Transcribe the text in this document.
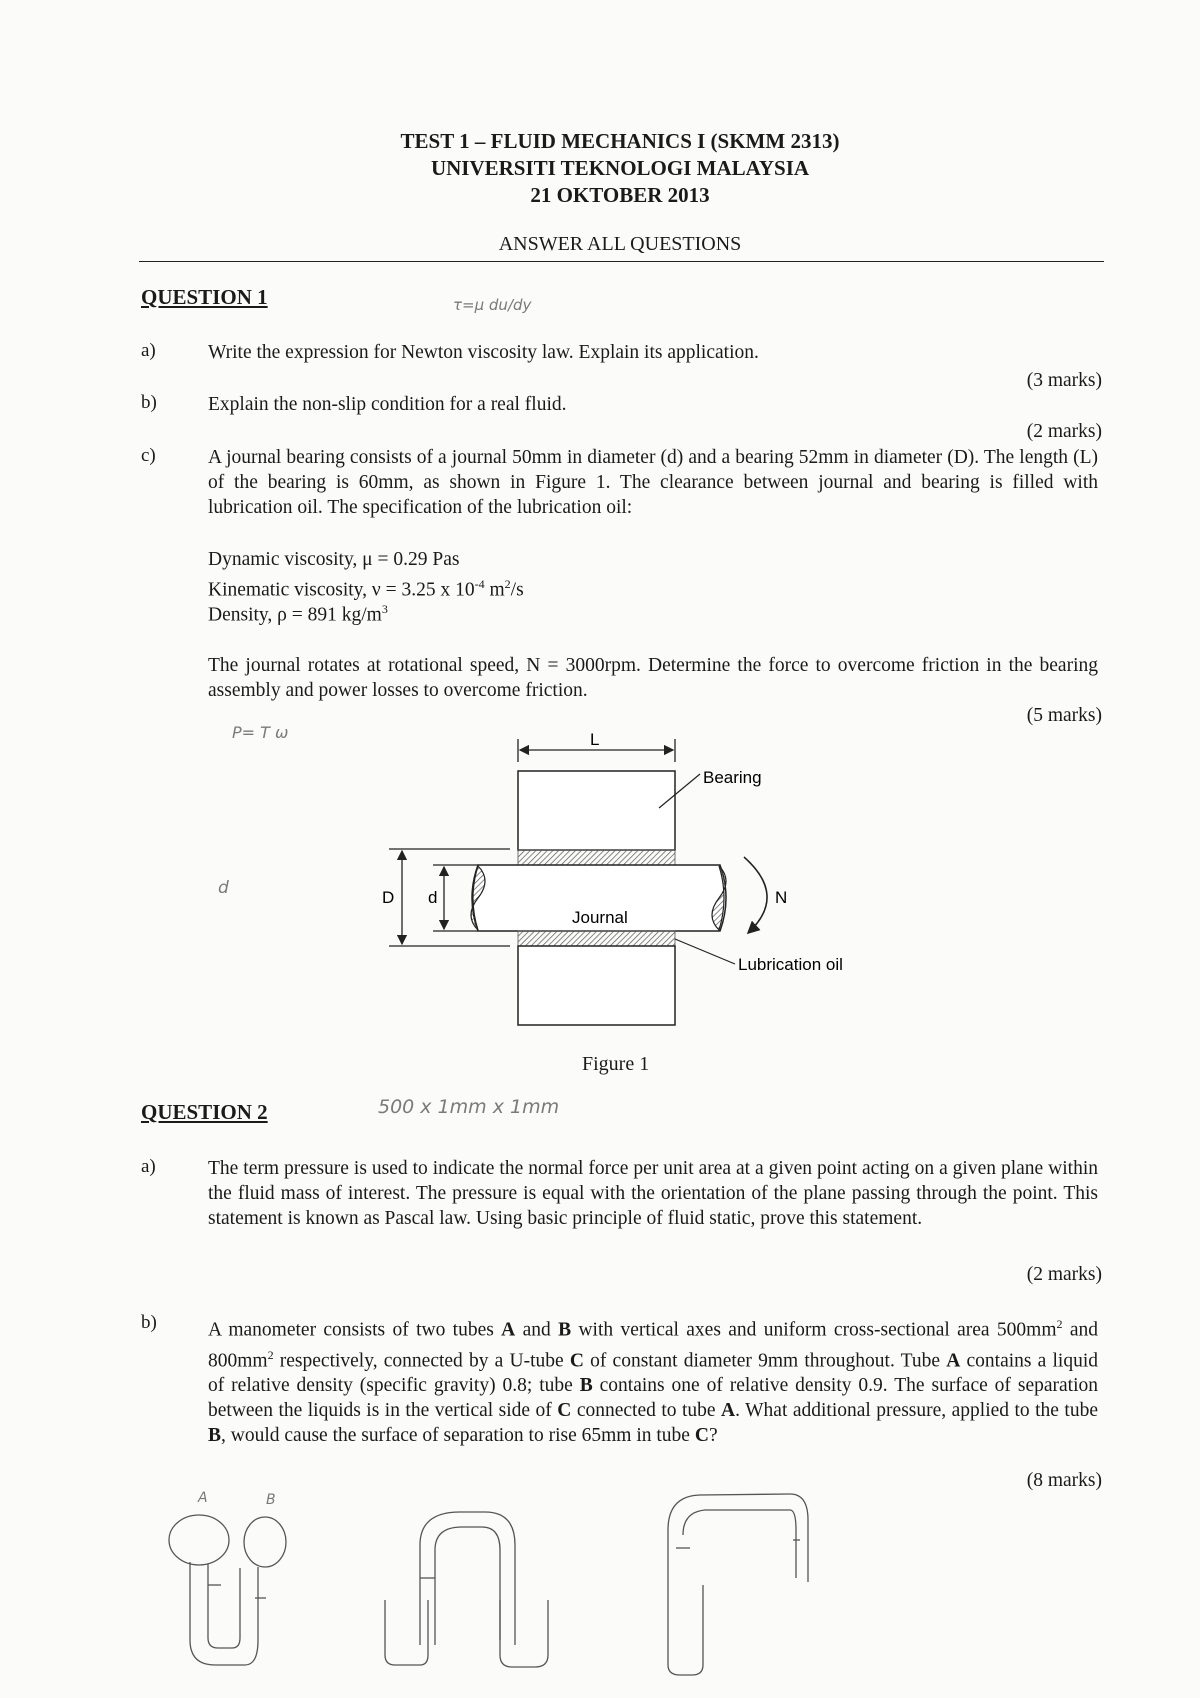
TEST 1 – FLUID MECHANICS I (SKMM 2313)
UNIVERSITI TEKNOLOGI MALAYSIA
21 OKTOBER 2013
ANSWER ALL QUESTIONS
QUESTION 1	τ=μ du/dy
a)	Write the expression for Newton viscosity law. Explain its application.
(3 marks)
b)	Explain the non-slip condition for a real fluid.
(2 marks)
c)	A journal bearing consists of a journal 50mm in diameter (d) and a bearing 52mm in diameter (D). The length (L) of the bearing is 60mm, as shown in Figure 1. The clearance between journal and bearing is filled with lubrication oil. The specification of the lubrication oil:
Dynamic viscosity, μ = 0.29 Pas
Kinematic viscosity, ν = 3.25 x $10^{-4}$ $m^2/s$
Density, ρ = 891 $kg/m^3$
The journal rotates at rotational speed, N = 3000rpm. Determine the force to overcome friction in the bearing assembly and power losses to overcome friction.
(5 marks)
P= T ω
d
L
Journal
D d
Bearing
N
Lubrication oil
Figure 1
QUESTION 2	500 x 1mm x 1mm
a)	The term pressure is used to indicate the normal force per unit area at a given point acting on a given plane within the fluid mass of interest. The pressure is equal with the orientation of the plane passing through the point. This statement is known as Pascal law. Using basic principle of fluid static, prove this statement.
(2 marks)
b)	A manometer consists of two tubes A and B with vertical axes and uniform cross-sectional area $500mm^2$ and $800mm^2$ respectively, connected by a U-tube C of constant diameter 9mm throughout. Tube A contains a liquid of relative density (specific gravity) 0.8; tube B contains one of relative density 0.9. The surface of separation between the liquids is in the vertical side of C connected to tube A. What additional pressure, applied to the tube B, would cause the surface of separation to rise 65mm in tube C?
(8 marks)
A	B
